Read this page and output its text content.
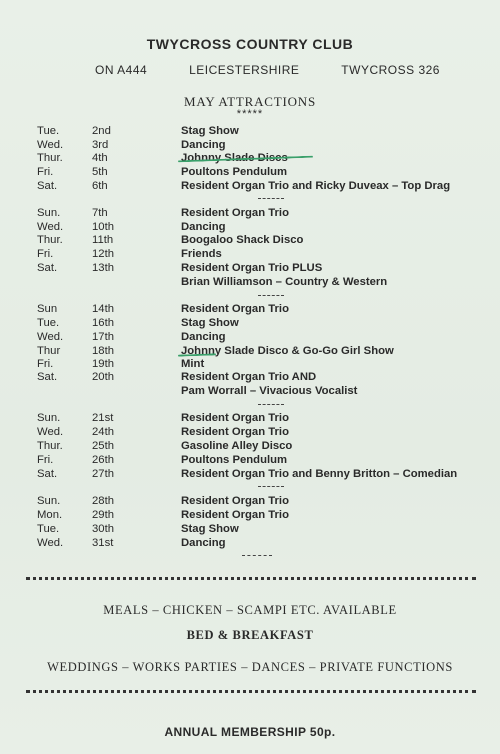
TWYCROSS COUNTRY CLUB
ON A444	LEICESTERSHIRE	TWYCROSS 326
MAY ATTRACTIONS
*****
Tue.	2nd	Stag Show
Wed.	3rd	Dancing
Thur.	4th	Johnny Slade Discs
Fri.	5th	Poultons Pendulum
Sat.	6th	Resident Organ Trio and Ricky Duveax – Top Drag
Sun.	7th	Resident Organ Trio
Wed.	10th	Dancing
Thur.	11th	Boogaloo Shack Disco
Fri.	12th	Friends
Sat.	13th	Resident Organ Trio PLUS
Brian Williamson – Country & Western
Sun	14th	Resident Organ Trio
Tue.	16th	Stag Show
Wed.	17th	Dancing
Thur	18th	Johnny Slade Disco & Go-Go Girl Show
Fri.	19th	Mint
Sat.	20th	Resident Organ Trio AND
Pam Worrall – Vivacious Vocalist
Sun.	21st	Resident Organ Trio
Wed.	24th	Resident Organ Trio
Thur.	25th	Gasoline Alley Disco
Fri.	26th	Poultons Pendulum
Sat.	27th	Resident Organ Trio and Benny Britton – Comedian
Sun.	28th	Resident Organ Trio
Mon.	29th	Resident Organ Trio
Tue.	30th	Stag Show
Wed.	31st	Dancing
MEALS – CHICKEN – SCAMPI ETC. AVAILABLE
BED & BREAKFAST
WEDDINGS – WORKS PARTIES – DANCES – PRIVATE FUNCTIONS
ANNUAL MEMBERSHIP 50p.
